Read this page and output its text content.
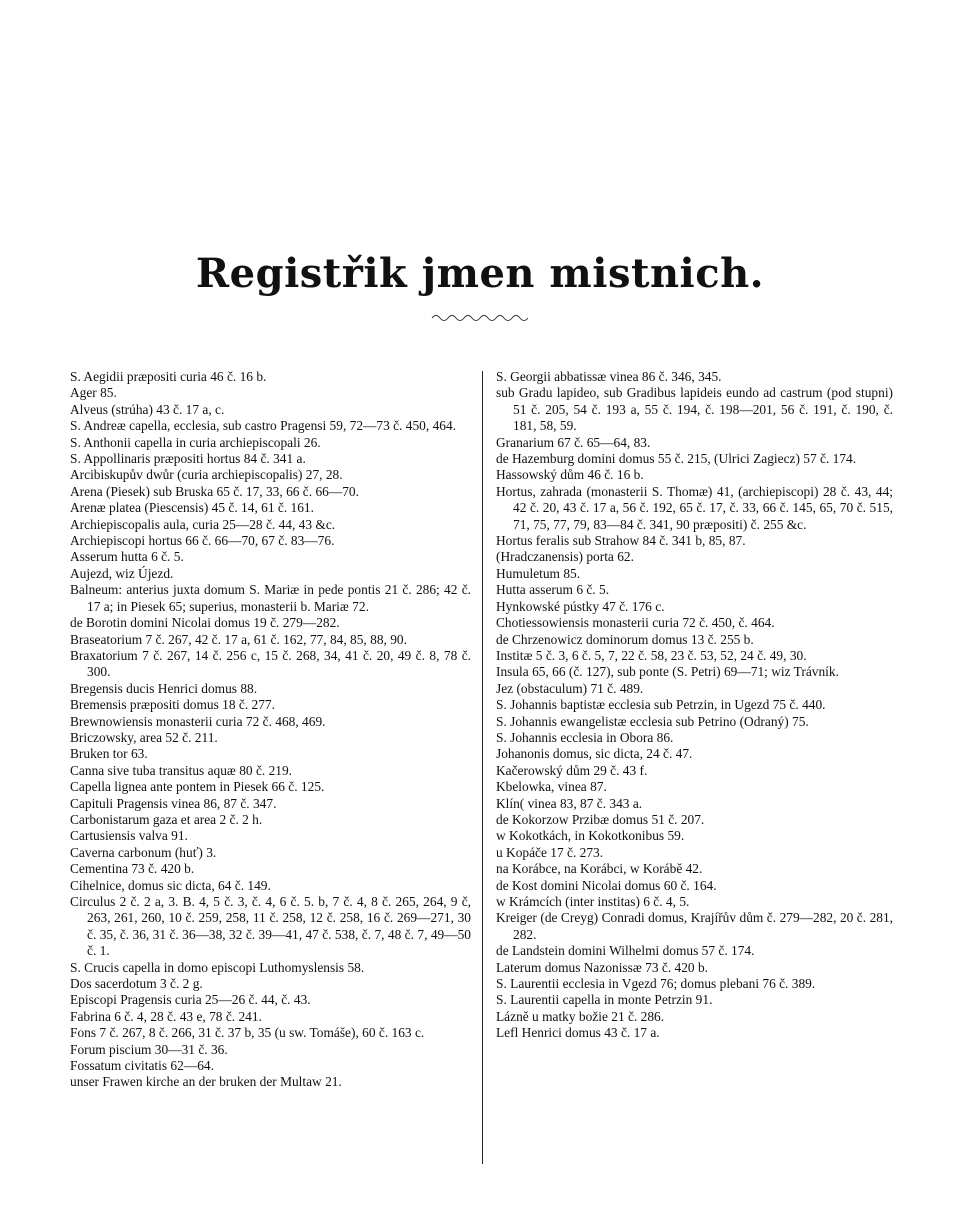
Registřik jmen mistnich.

S. Aegidii præpositi curia 46 č. 16 b.

Ager 85.

Alveus (strúha) 43 č. 17 a, c.

S. Andreæ capella, ecclesia, sub castro Pragensi 59, 72—73 č. 450, 464.

S. Anthonii capella in curia archiepiscopali 26.

S. Appollinaris præpositi hortus 84 č. 341 a.

Arcibiskupův dwůr (curia archiepiscopalis) 27, 28.

Arena (Piesek) sub Bruska 65 č. 17, 33, 66 č. 66—70.

Arenæ platea (Piescensis) 45 č. 14, 61 č. 161.

Archiepiscopalis aula, curia 25—28 č. 44, 43 &c.

Archiepiscopi hortus 66 č. 66—70, 67 č. 83—76.

Asserum hutta 6 č. 5.

Aujezd, wiz Újezd.

Balneum: anterius juxta domum S. Mariæ in pede pontis 21 č. 286; 42 č. 17 a; in Piesek 65; superius, monasterii b. Mariæ 72.

de Borotin domini Nicolai domus 19 č. 279—282.

Braseatorium 7 č. 267, 42 č. 17 a, 61 č. 162, 77, 84, 85, 88, 90.

Braxatorium 7 č. 267, 14 č. 256 c, 15 č. 268, 34, 41 č. 20, 49 č. 8, 78 č. 300.

Bregensis ducis Henrici domus 88.

Bremensis præpositi domus 18 č. 277.

Brewnowiensis monasterii curia 72 č. 468, 469.

Briczowsky, area 52 č. 211.

Bruken tor 63.

Canna sive tuba transitus aquæ 80 č. 219.

Capella lignea ante pontem in Piesek 66 č. 125.

Capituli Pragensis vinea 86, 87 č. 347.

Carbonistarum gaza et area 2 č. 2 h.

Cartusiensis valva 91.

Caverna carbonum (huť) 3.

Cementina 73 č. 420 b.

Cihelnice, domus sic dicta, 64 č. 149.

Circulus 2 č. 2 a, 3. B. 4, 5 č. 3, č. 4, 6 č. 5. b, 7 č. 4, 8 č. 265, 264, 9 č, 263, 261, 260, 10 č. 259, 258, 11 č. 258, 12 č. 258, 16 č. 269—271, 30 č. 35, č. 36, 31 č. 36—38, 32 č. 39—41, 47 č. 538, č. 7, 48 č. 7, 49—50 č. 1.

S. Crucis capella in domo episcopi Luthomyslensis 58.

Dos sacerdotum 3 č. 2 g.

Episcopi Pragensis curia 25—26 č. 44, č. 43.

Fabrina 6 č. 4, 28 č. 43 e, 78 č. 241.

Fons 7 č. 267, 8 č. 266, 31 č. 37 b, 35 (u sw. Tomáše), 60 č. 163 c.

Forum piscium 30—31 č. 36.

Fossatum civitatis 62—64.

unser Frawen kirche an der bruken der Multaw 21.

S. Georgii abbatissæ vinea 86 č. 346, 345.

sub Gradu lapideo, sub Gradibus lapideis eundo ad castrum (pod stupni) 51 č. 205, 54 č. 193 a, 55 č. 194, č. 198—201, 56 č. 191, č. 190, č. 181, 58, 59.

Granarium 67 č. 65—64, 83.

de Hazemburg domini domus 55 č. 215, (Ulrici Zagiecz) 57 č. 174.

Hassowský dům 46 č. 16 b.

Hortus, zahrada (monasterii S. Thomæ) 41, (archiepiscopi) 28 č. 43, 44; 42 č. 20, 43 č. 17 a, 56 č. 192, 65 č. 17, č. 33, 66 č. 145, 65, 70 č. 515, 71, 75, 77, 79, 83—84 č. 341, 90 præpositi) č. 255 &c.

Hortus feralis sub Strahow 84 č. 341 b, 85, 87.

(Hradczanensis) porta 62.

Humuletum 85.

Hutta asserum 6 č. 5.

Hynkowské pústky 47 č. 176 c.

Chotiessowiensis monasterii curia 72 č. 450, č. 464.

de Chrzenowicz dominorum domus 13 č. 255 b.

Institæ 5 č. 3, 6 č. 5, 7, 22 č. 58, 23 č. 53, 52, 24 č. 49, 30.

Insula 65, 66 (č. 127), sub ponte (S. Petri) 69—71; wiz Trávník.

Jez (obstaculum) 71 č. 489.

S. Johannis baptistæ ecclesia sub Petrzin, in Ugezd 75 č. 440.

S. Johannis ewangelistæ ecclesia sub Petrino (Odraný) 75.

S. Johannis ecclesia in Obora 86.

Johanonis domus, sic dicta, 24 č. 47.

Kačerowský dům 29 č. 43 f.

Kbelowka, vinea 87.

Klín( vinea 83, 87 č. 343 a.

de Kokorzow Przibæ domus 51 č. 207.

w Kokotkách, in Kokotkonibus 59.

u Kopáče 17 č. 273.

na Korábce, na Korábci, w Korábě 42.

de Kost domini Nicolai domus 60 č. 164.

w Krámcích (inter institas) 6 č. 4, 5.

Kreiger (de Creyg) Conradi domus, Krajířův dům č. 279—282, 20 č. 281, 282.

de Landstein domini Wilhelmi domus 57 č. 174.

Laterum domus Nazonissæ 73 č. 420 b.

S. Laurentii ecclesia in Vgezd 76; domus plebani 76 č. 389.

S. Laurentii capella in monte Petrzin 91.

Lázně u matky božie 21 č. 286.

Lefl Henrici domus 43 č. 17 a.
